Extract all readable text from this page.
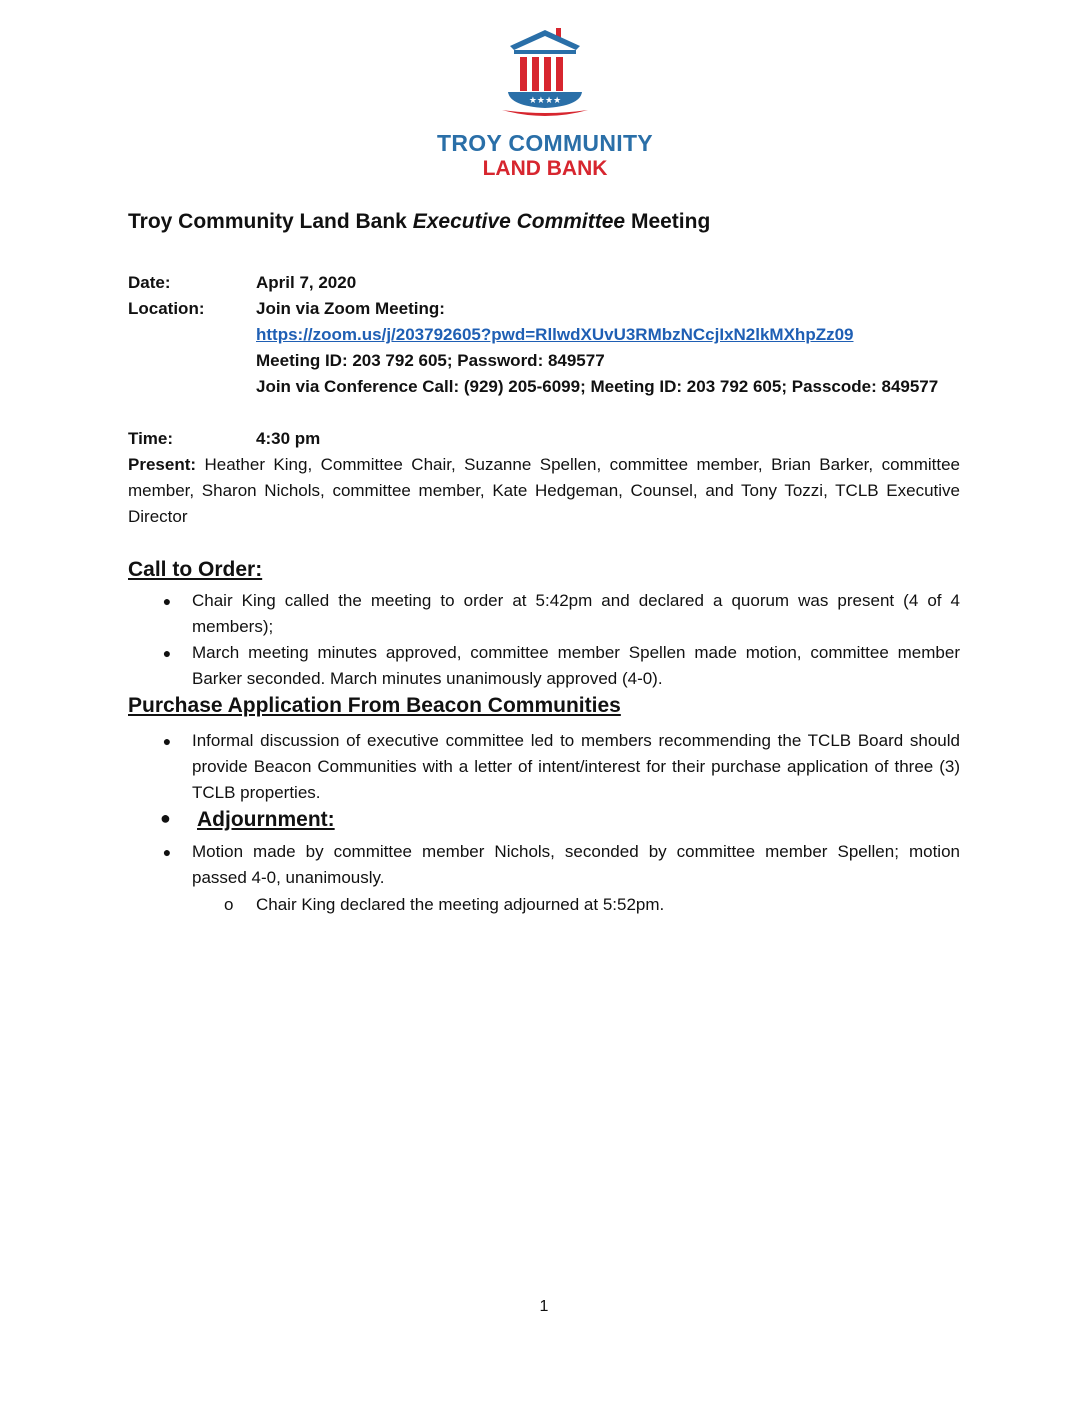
★★★★
TROY COMMUNITY
LAND BANK
Troy Community Land Bank Executive Committee Meeting
Date:	April 7, 2020
Location:	Join via Zoom Meeting:
https://zoom.us/j/203792605?pwd=RllwdXUvU3RMbzNCcjIxN2lkMXhpZz09
Meeting ID: 203 792 605; Password: 849577
Join via Conference Call: (929) 205-6099; Meeting ID: 203 792 605; Passcode: 849577
Time:	4:30 pm
Present: Heather King, Committee Chair, Suzanne Spellen, committee member, Brian Barker, committee member, Sharon Nichols, committee member, Kate Hedgeman, Counsel, and Tony Tozzi, TCLB Executive Director
Call to Order:
● Chair King called the meeting to order at 5:42pm and declared a quorum was present (4 of 4 members);
● March meeting minutes approved, committee member Spellen made motion, committee member Barker seconded. March minutes unanimously approved (4-0).
Purchase Application From Beacon Communities
● Informal discussion of executive committee led to members recommending the TCLB Board should provide Beacon Communities with a letter of intent/interest for their purchase application of three (3) TCLB properties.
● Adjournment:
● Motion made by committee member Nichols, seconded by committee member Spellen; motion passed 4-0, unanimously.
o Chair King declared the meeting adjourned at 5:52pm.
1
